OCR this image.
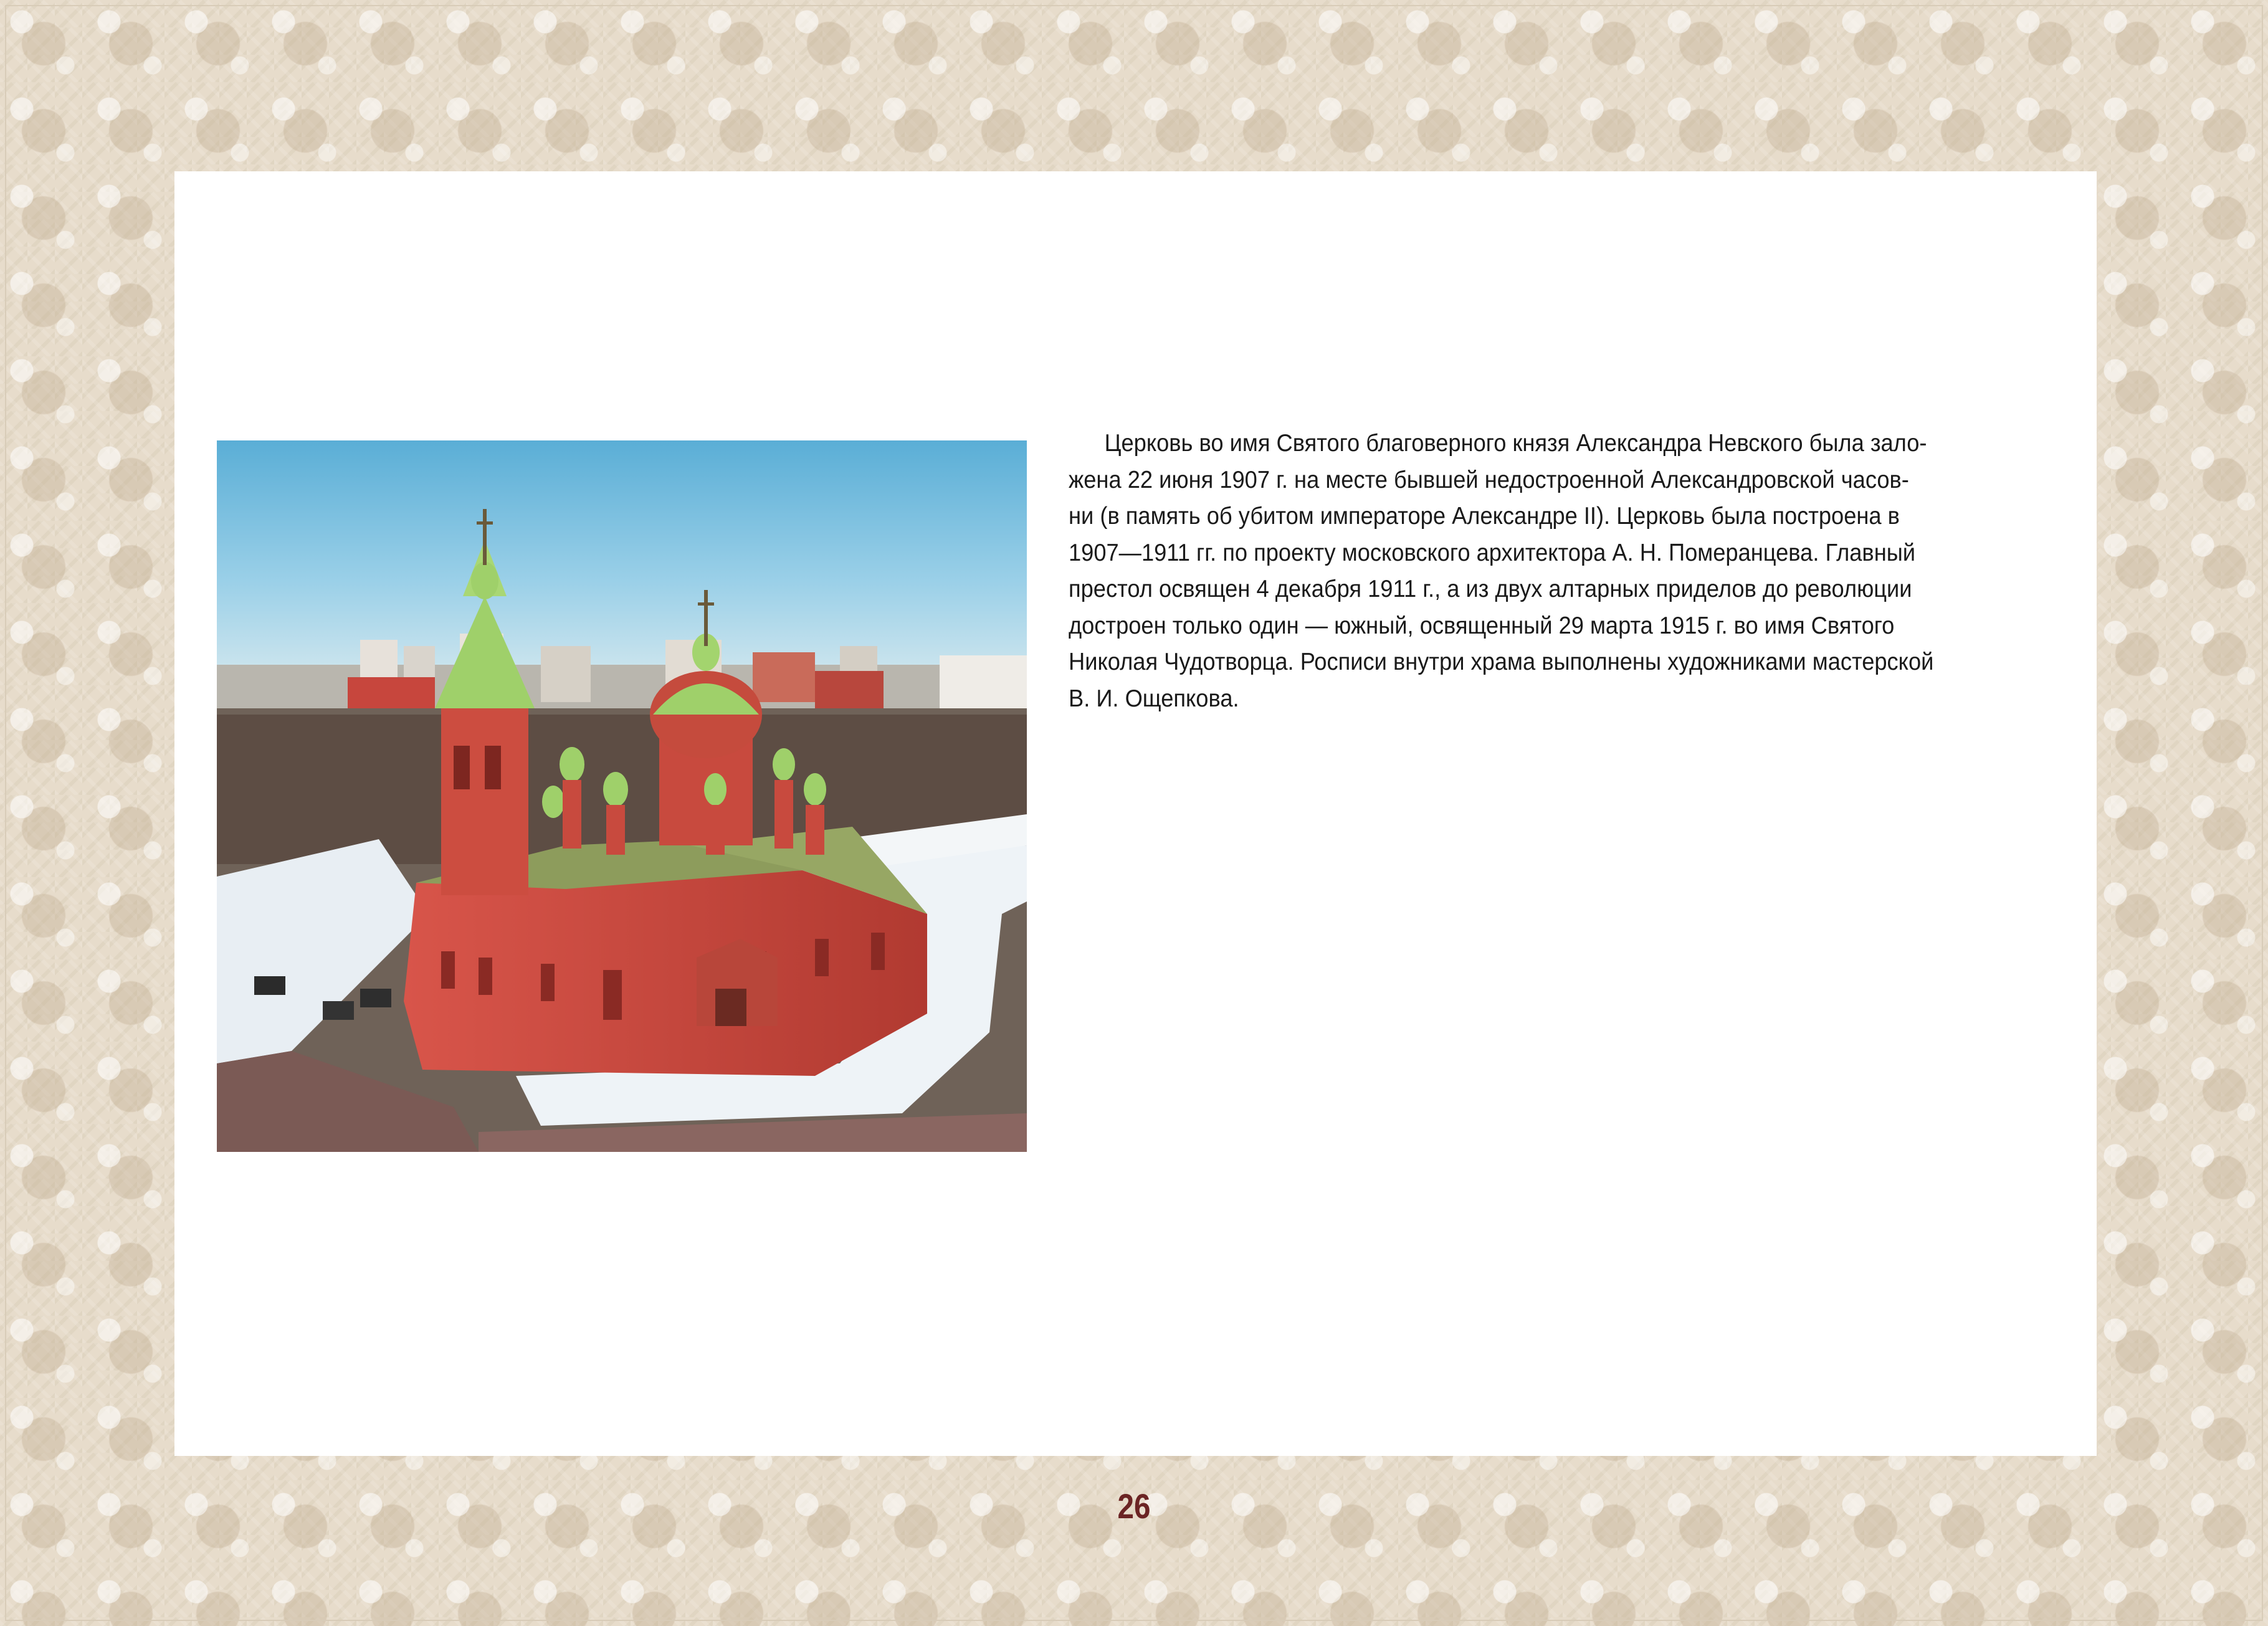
Церковь во имя Святого благоверного князя Александра Невского была зало-
жена 22 июня 1907 г. на месте бывшей недостроенной Александровской часов-
ни (в память об убитом императоре Александре II). Церковь была построена в
1907—1911 гг. по проекту московского архитектора А. Н. Померанцева. Главный
престол освящен 4 декабря 1911 г., а из двух алтарных приделов до революции
достроен только один — южный, освященный 29 марта 1915 г. во имя Святого
Николая Чудотворца. Росписи внутри храма выполнены художниками мастерской
В. И. Ощепкова.
26
